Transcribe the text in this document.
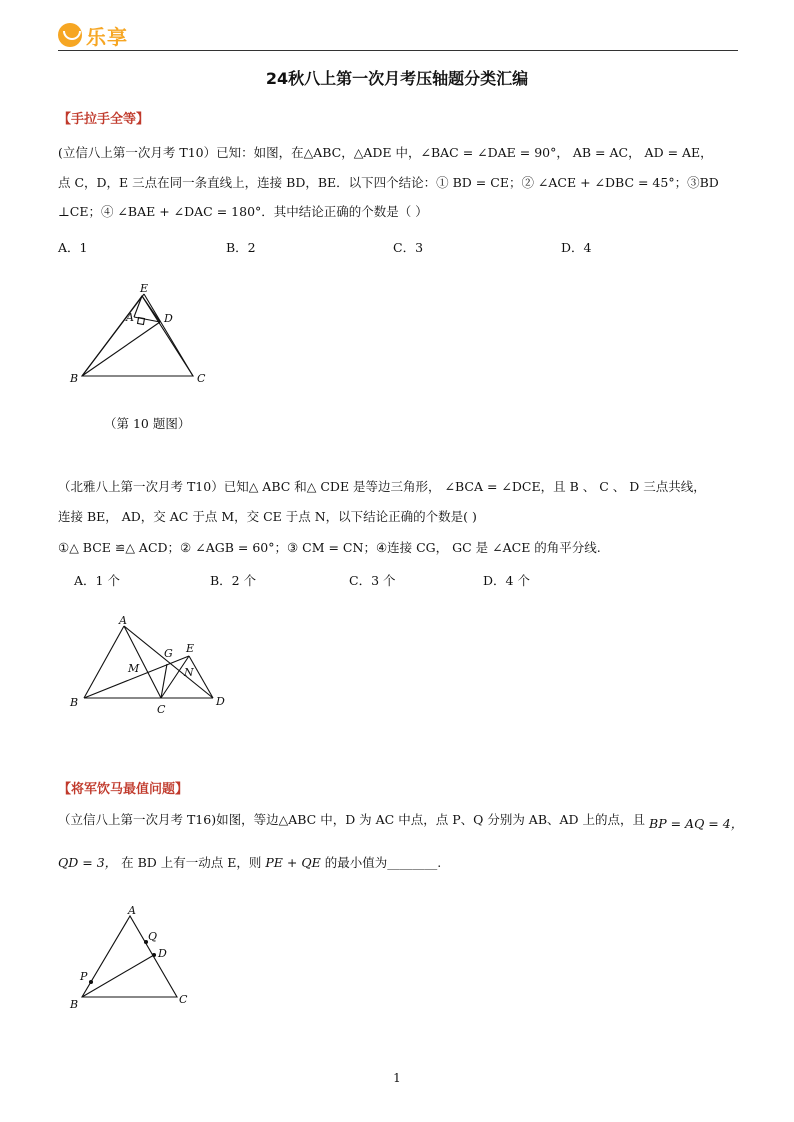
乐享
24秋八上第一次月考压轴题分类汇编
【手拉手全等】
(立信八上第一次月考 T10）已知：如图，在△ABC，△ADE 中，∠BAC = ∠DAE = 90°， AB = AC， AD = AE，
点 C，D，E 三点在同一条直线上，连接 BD，BE．以下四个结论：① BD = CE；② ∠ACE + ∠DBC = 45°；③BD
⊥CE；④ ∠BAE + ∠DAC = 180°．其中结论正确的个数是（ ）
A．1	B．2	C．3	D．4
E
A	D
B	C
（第 10 题图）
（北雅八上第一次月考 T10）已知△ ABC 和△ CDE 是等边三角形， ∠BCA = ∠DCE，且 B 、 C 、 D 三点共线，
连接 BE， AD，交 AC 于点 M，交 CE 于点 N，以下结论正确的个数是( )
①△ BCE ≌△ ACD；② ∠AGB = 60°；③ CM = CN；④连接 CG， GC 是 ∠ACE 的角平分线.
A．1 个	B．2 个	C．3 个	D．4 个
A
G E
M	N
B
C
D
【将军饮马最值问题】
（立信八上第一次月考 T16)如图，等边△ABC 中，D 为 AC 中点，点 P、Q 分别为 AB、AD 上的点，且 BP = AQ = 4，
QD = 3， 在 BD 上有一动点 E，则 PE + QE 的最小值为________.
A
Q
D
P
B	C
1
